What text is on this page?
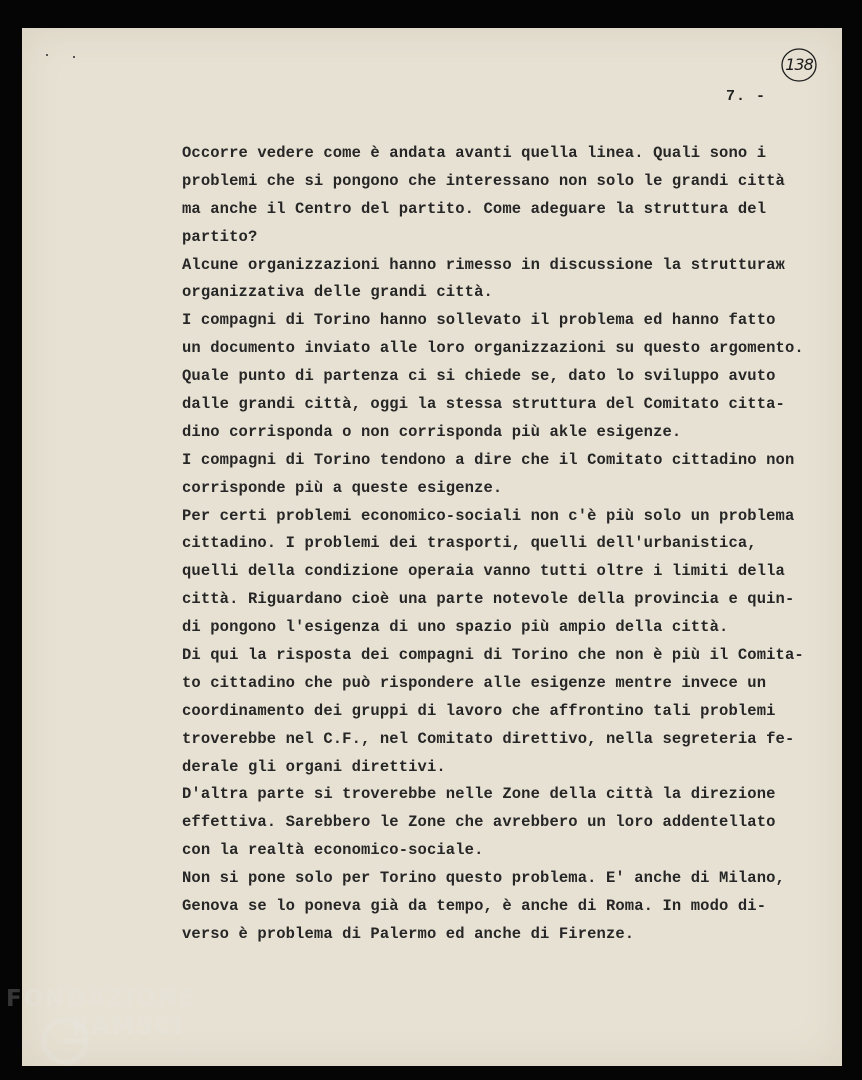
7. -
138
Occorre vedere come è andata avanti quella linea. Quali sono i
problemi che si pongono che interessano non solo le grandi città
ma anche il Centro del partito. Come adeguare la struttura del
partito?
Alcune organizzazioni hanno rimesso in discussione la strutturaж
organizzativa delle grandi città.
I compagni di Torino hanno sollevato il problema ed hanno fatto
un documento inviato alle loro organizzazioni su questo argomento.
Quale punto di partenza ci si chiede se, dato lo sviluppo avuto
dalle grandi città, oggi la stessa struttura del Comitato citta-
dino corrisponda o non corrisponda più akle esigenze.
I compagni di Torino tendono a dire che il Comitato cittadino non
corrisponde più a queste esigenze.
Per certi problemi economico-sociali non c'è più solo un problema
cittadino. I problemi dei trasporti, quelli dell'urbanistica,
quelli della condizione operaia vanno tutti oltre i limiti della
città. Riguardano cioè una parte notevole della provincia e quin-
di pongono l'esigenza di uno spazio più ampio della città.
Di qui la risposta dei compagni di Torino che non è più il Comita-
to cittadino che può rispondere alle esigenze mentre invece un
coordinamento dei gruppi di lavoro che affrontino tali problemi
troverebbe nel C.F., nel Comitato direttivo, nella segreteria fe-
derale gli organi direttivi.
D'altra parte si troverebbe nelle Zone della città la direzione
effettiva. Sarebbero le Zone che avrebbero un loro addentellato
con la realtà economico-sociale.
Non si pone solo per Torino questo problema. E' anche di Milano,
Genova se lo poneva già da tempo, è anche di Roma. In modo di-
verso è problema di Palermo ed anche di Firenze.
FONDAZIONE
RAMSCI
onlus
